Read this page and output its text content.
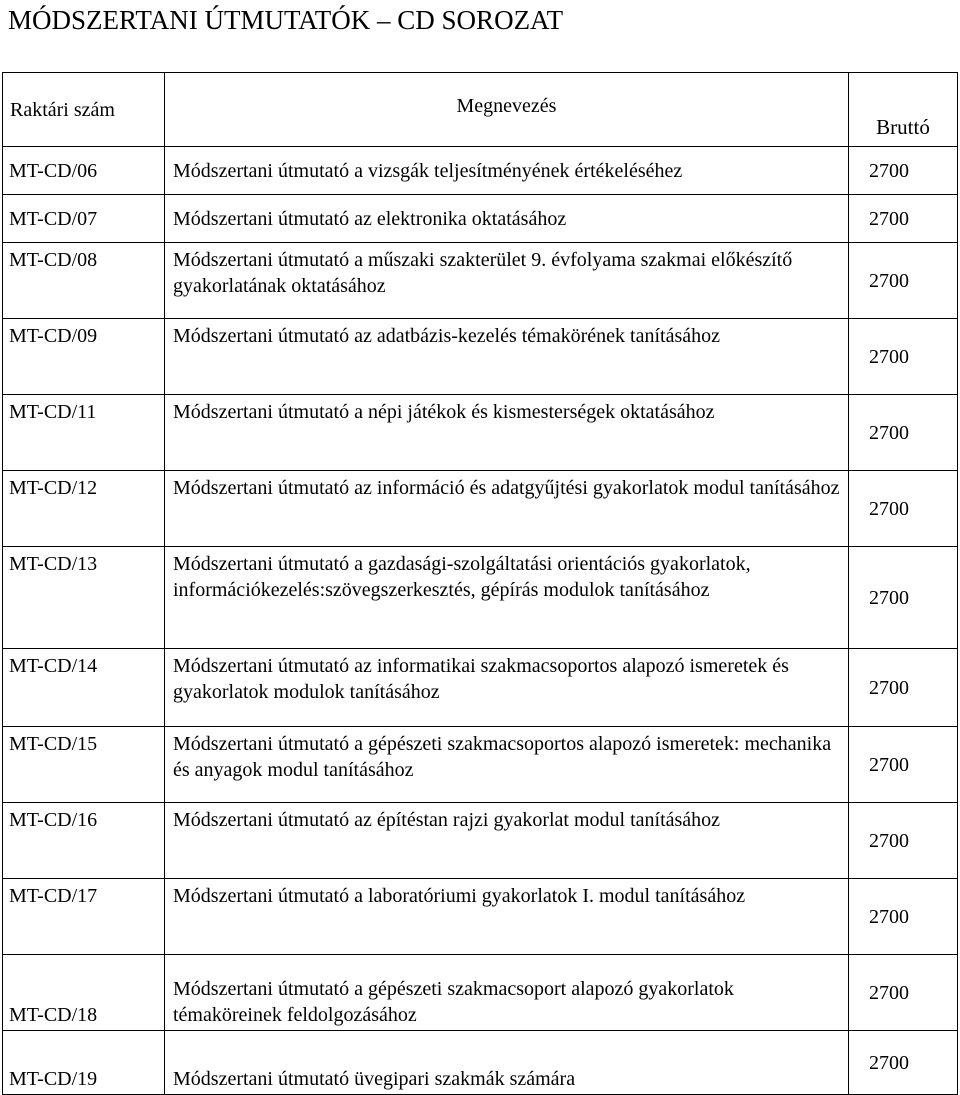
MÓDSZERTANI ÚTMUTATÓK – CD SOROZAT
Raktári szám	Megnevezés	Bruttó
MT-CD/06	Módszertani útmutató a vizsgák teljesítményének értékeléséhez	2700
MT-CD/07	Módszertani útmutató az elektronika oktatásához	2700
MT-CD/08	Módszertani útmutató a műszaki szakterület 9. évfolyama szakmai előkészítő gyakorlatának oktatásához	2700
MT-CD/09	Módszertani útmutató az adatbázis-kezelés témakörének tanításához	2700
MT-CD/11	Módszertani útmutató a népi játékok és kismesterségek oktatásához	2700
MT-CD/12	Módszertani útmutató az információ és adatgyűjtési gyakorlatok modul tanításához	2700
MT-CD/13	Módszertani útmutató a gazdasági-szolgáltatási orientációs gyakorlatok, információkezelés:szövegszerkesztés, gépírás modulok tanításához	2700
MT-CD/14	Módszertani útmutató az informatikai szakmacsoportos alapozó ismeretek és gyakorlatok modulok tanításához	2700
MT-CD/15	Módszertani útmutató a gépészeti szakmacsoportos alapozó ismeretek: mechanika és anyagok modul tanításához	2700
MT-CD/16	Módszertani útmutató az építéstan rajzi gyakorlat modul tanításához	2700
MT-CD/17	Módszertani útmutató a laboratóriumi gyakorlatok I. modul tanításához	2700
MT-CD/18	Módszertani útmutató a gépészeti szakmacsoport alapozó gyakorlatok témaköreinek feldolgozásához	2700
MT-CD/19	Módszertani útmutató üvegipari szakmák számára	2700
